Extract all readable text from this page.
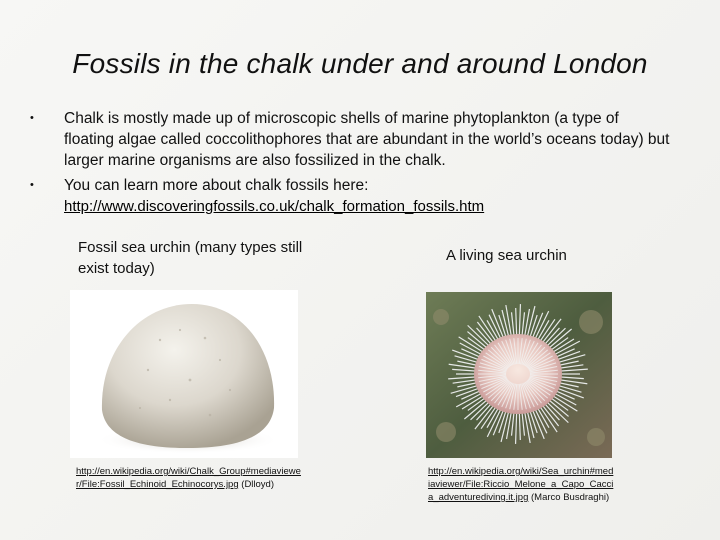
Fossils in the chalk under and around London
•	Chalk is mostly made up of microscopic shells of marine phytoplankton (a type of floating algae called coccolithophores that are abundant in the world’s oceans today) but larger marine organisms are also fossilized in the chalk.
•	You can learn more about chalk fossils here:
http://www.discoveringfossils.co.uk/chalk_formation_fossils.htm
Fossil sea urchin (many types still exist today)
A living sea urchin
http://en.wikipedia.org/wiki/Chalk_Group#mediaviewer/File:Fossil_Echinoid_Echinocorys.jpg (Dlloyd)
http://en.wikipedia.org/wiki/Sea_urchin#mediaviewer/File:Riccio_Melone_a_Capo_Caccia_adventurediving.it.jpg (Marco Busdraghi)
